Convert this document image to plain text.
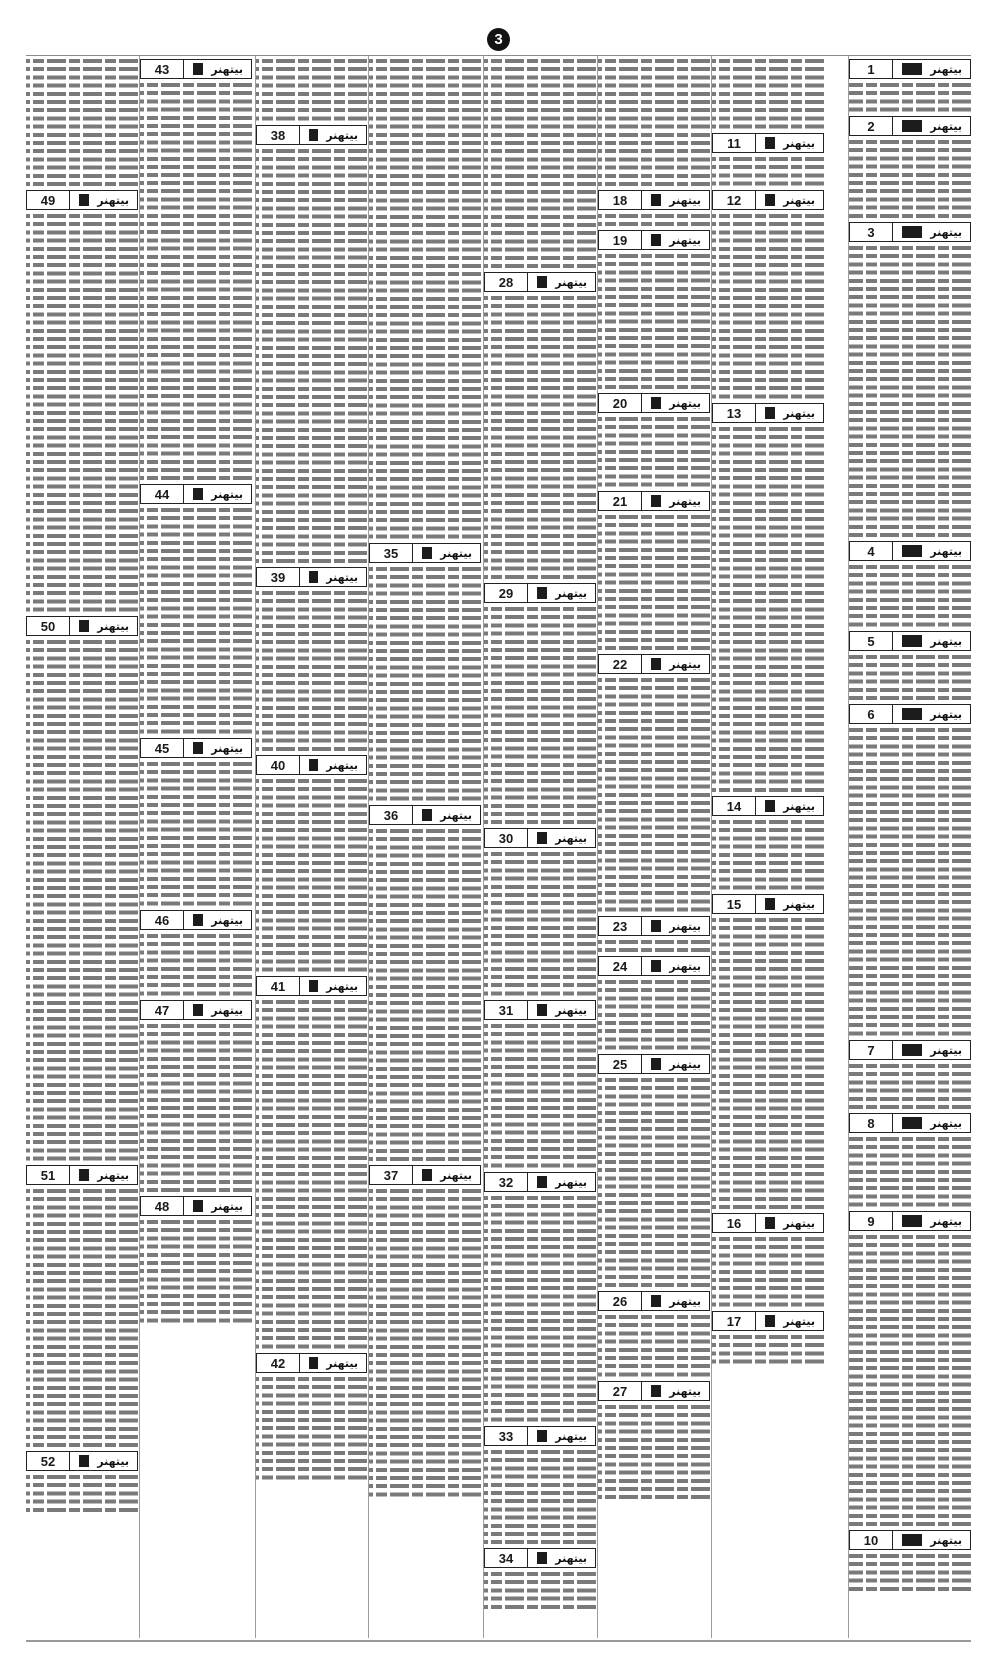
3
49	بیتھنر
50	بیتھنر
51	بیتھنر
52	بیتھنر
43	بیتھنر
44	بیتھنر
45	بیتھنر
46	بیتھنر
47	بیتھنر
48	بیتھنر
38	بیتھنر
39	بیتھنر
40	بیتھنر
41	بیتھنر
42	بیتھنر
35	بیتھنر
36	بیتھنر
37	بیتھنر
28	بیتھنر
29	بیتھنر
30	بیتھنر
31	بیتھنر
32	بیتھنر
33	بیتھنر
34	بیتھنر
18	بیتھنر
19	بیتھنر
20	بیتھنر
21	بیتھنر
22	بیتھنر
23	بیتھنر
24	بیتھنر
25	بیتھنر
26	بیتھنر
27	بیتھنر
11	بیتھنر
12	بیتھنر
13	بیتھنر
14	بیتھنر
15	بیتھنر
16	بیتھنر
17	بیتھنر
1	بیتھنر
2	بیتھنر
3	بیتھنر
4	بیتھنر
5	بیتھنر
6	بیتھنر
7	بیتھنر
8	بیتھنر
9	بیتھنر
10	بیتھنر
